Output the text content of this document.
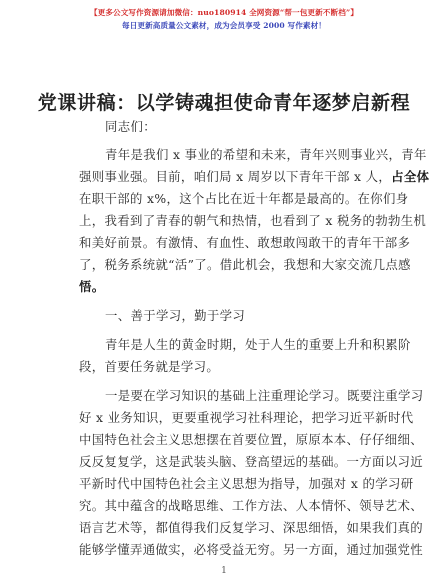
【更多公文写作资源请加微信：nuo180914 全网资源“帮一包更新不断档”】
每日更新高质量公文素材，成为会员享受 2000 写作素材！
党课讲稿：以学铸魂担使命青年逐梦启新程
同志们：
青年是我们 x 事业的希望和未来，青年兴则事业兴，青年
强则事业强。目前，咱们局 x 周岁以下青年干部 x 人，占全体
在职干部的 x%，这个占比在近十年都是最高的。在你们身
上，我看到了青春的朝气和热情，也看到了 x 税务的勃勃生机
和美好前景。有激情、有血性、敢想敢闯敢干的青年干部多
了，税务系统就“活”了。借此机会，我想和大家交流几点感
悟。
一、善于学习，勤于学习
青年是人生的黄金时期，处于人生的重要上升和积累阶
段，首要任务就是学习。
一是要在学习知识的基础上注重理论学习。既要注重学习
好 x 业务知识，更要重视学习社科理论，把学习近平新时代
中国特色社会主义思想摆在首要位置，原原本本、仔仔细细、
反反复复学，这是武装头脑、登高望远的基础。一方面以习近
平新时代中国特色社会主义思想为指导，加强对 x 的学习研
究。其中蕴含的战略思维、工作方法、人本情怀、领导艺术、
语言艺术等，都值得我们反复学习、深思细悟，如果我们真的
能够学懂弄通做实，必将受益无穷。另一方面，通过加强党性
1
